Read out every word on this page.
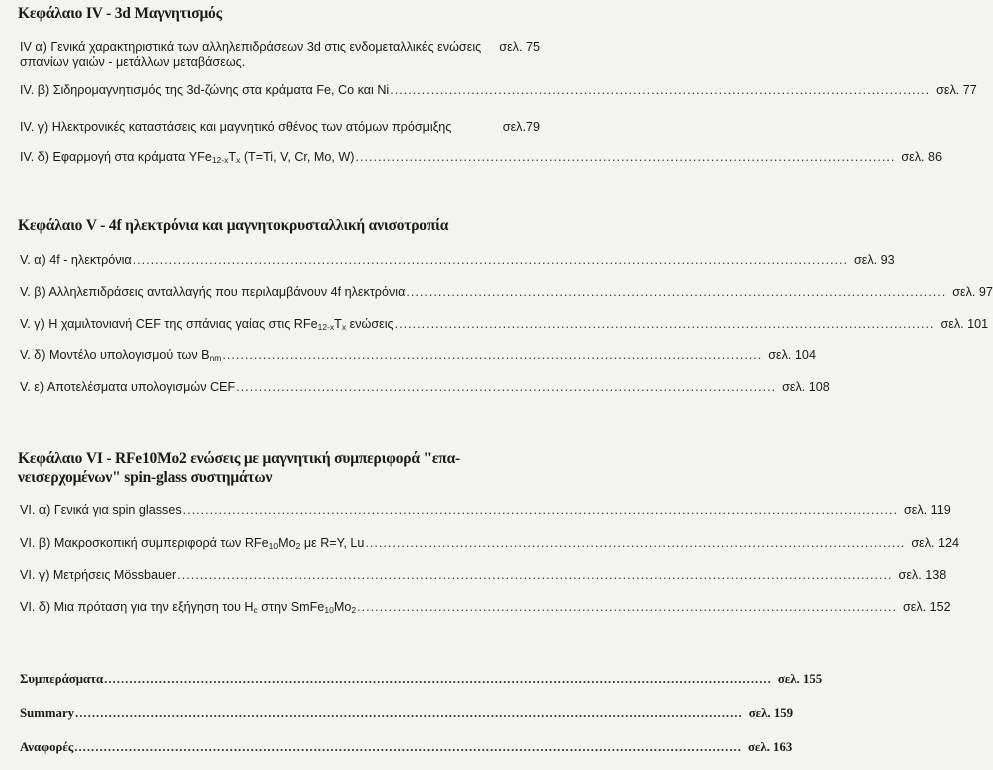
Κεφάλαιο IV - 3d Μαγνητισμός
IV α) Γενικά χαρακτηριστικά των αλληλεπιδράσεων 3d στις ενδομεταλλικές ενώσεις σπανίων γαιών - μετάλλων μεταβάσεως.
σελ. 75
IV. β) Σιδηρομαγνητισμός της 3d-ζώνης στα κράματα Fe, Co και Ni ........................................................................................................................ σελ. 77
IV. γ) Ηλεκτρονικές καταστάσεις και μαγνητικό σθένος των ατόμων πρόσμιξης	σελ.79
IV. δ) Εφαρμογή στα κράματα $YFe_{12-x}T_x$ (T=Ti, V, Cr, Mo, W) ........................................................................................................................ σελ. 86
Κεφάλαιο V - 4f ηλεκτρόνια και μαγνητοκρυσταλλική ανισοτροπία
V. α) 4f - ηλεκτρόνια ............................................................................................................................................................... σελ. 93
V. β) Αλληλεπιδράσεις ανταλλαγής που περιλαμβάνουν 4f ηλεκτρόνια ........................................................................................................................ σελ. 97
V. γ) Η χαμιλτονιανή CEF της σπάνιας γαίας στις $RFe_{12-x}T_x$ ενώσεις ........................................................................................................................ σελ. 101
V. δ) Μοντέλο υπολογισμού των $B_{nm}$ ........................................................................................................................ σελ. 104
V. ε) Αποτελέσματα υπολογισμών CEF ........................................................................................................................ σελ. 108
Κεφάλαιο VI - RFe10Mo2 ενώσεις με μαγνητική συμπεριφορά "επα-νεισερχομένων" spin-glass συστημάτων
VI. α) Γενικά για spin glasses ............................................................................................................................................................... σελ. 119
VI. β) Μακροσκοπική συμπεριφορά των $RFe_{10}Mo_2$ με R=Y, Lu ........................................................................................................................ σελ. 124
VI. γ) Μετρήσεις Mössbauer ............................................................................................................................................................... σελ. 138
VI. δ) Μια πρόταση για την εξήγηση του $H_c$ στην $SmFe_{10}Mo_2$ ........................................................................................................................ σελ. 152
Συμπεράσματα ............................................................................................................................................................... σελ. 155
Summary ............................................................................................................................................................... σελ. 159
Αναφορές ............................................................................................................................................................... σελ. 163
